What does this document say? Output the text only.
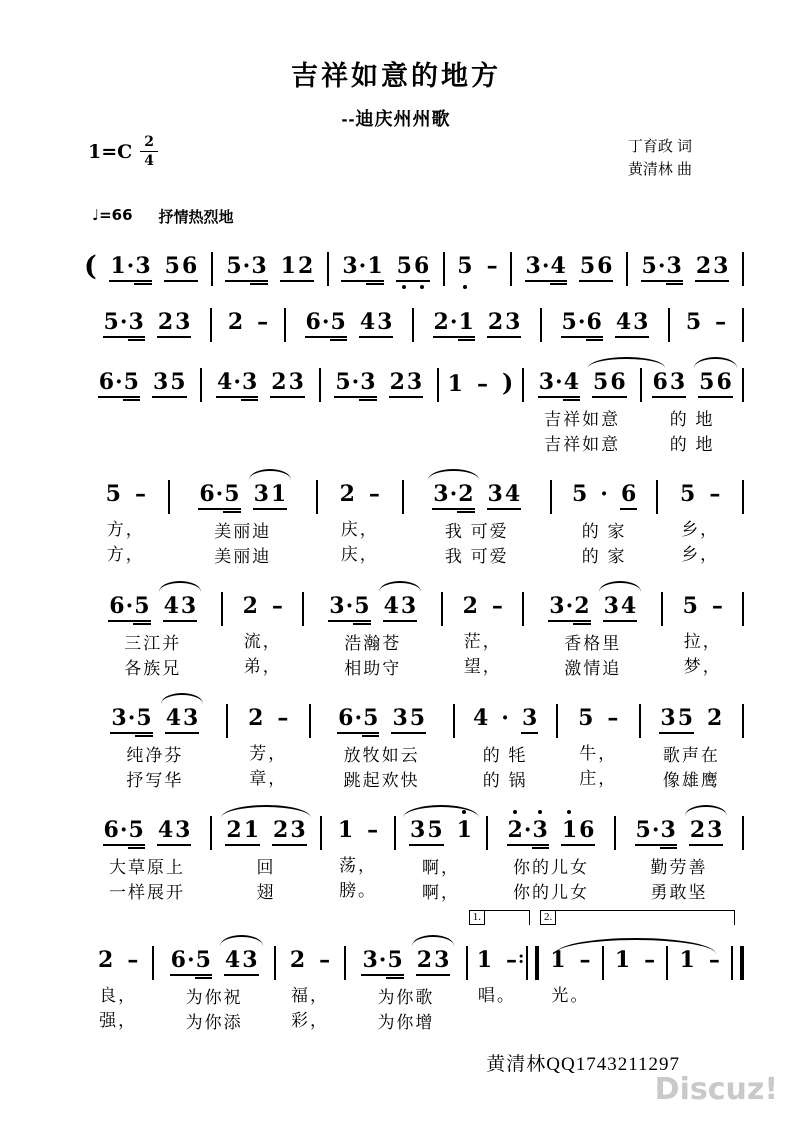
吉祥如意的地方
--迪庆州州歌
1=C 2
4
丁育政 词
黄清林 曲
♩=66 抒情热烈地
( 1 · 3 5 6 5 · 3 1 2 3 · 1 5 6 5 – 3 · 4 5 6 5 · 3 2 3
5 · 3 2 3 2 – 6 · 5 4 3 2 · 1 2 3 5 · 6 4 3 5 –
6 · 5 3 5 4 · 3 2 3 5 · 3 2 3 1 – ) 3 · 4 5 6
吉祥如意
吉祥如意
6 3 5 6
的 地
的 地
5 –
方，
方，
6 · 5 3 1
美丽迪
美丽迪
2 –
庆，
庆，
3 · 2 3 4
我 可爱
我 可爱
5 · 6
的 家
的 家
5 –
乡，
乡，
6 · 5 4 3
三江并
各族兄
2 –
流，
弟，
3 · 5 4 3
浩瀚苍
相助守
2 –
茫，
望，
3 · 2 3 4
香格里
激情追
5 –
拉，
梦，
3 · 5 4 3
纯净芬
抒写华
2 –
芳，
章，
6 · 5 3 5
放牧如云
跳起欢快
4 · 3
的 牦
的 锅
5 –
牛，
庄，
3 5 2
歌声在
像雄鹰
6 · 5 4 3
大草原上
一样展开
2 1 2 3
回
翅
1 –
荡，
膀。
3 5 1
啊，
啊，
2 · 3 1 6
你的儿女
你的儿女
5 · 3 2 3
勤劳善
勇敢坚
2 –
良，
强，
6 · 5 4 3
为你祝
为你添
2 –
福，
彩，
3 · 5 2 3
为你歌
为你增
1.
1 –
唱。
:
2.
1 –
光。
1 – 1 –
黄清林QQ1743211297
Discuz!
